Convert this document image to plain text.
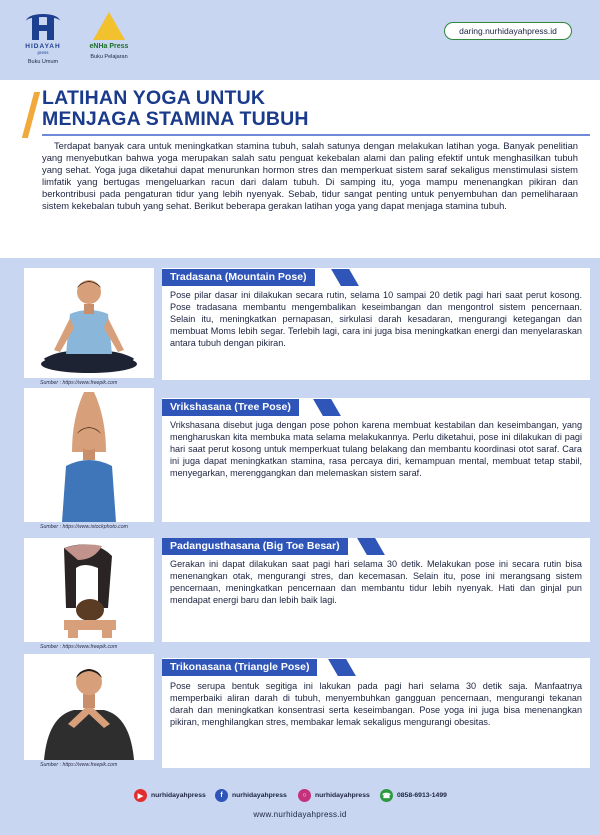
HIDAYAH
press
Buku Umum
eNHa Press
Buku Pelajaran
daring.nurhidayahpress.id
LATIHAN YOGA UNTUK
MENJAGA STAMINA TUBUH
Terdapat banyak cara untuk meningkatkan stamina tubuh, salah satunya dengan melakukan latihan yoga. Banyak penelitian yang menyebutkan bahwa yoga merupakan salah satu penguat kekebalan alami dan paling efektif untuk menghasilkan tubuh yang sehat. Yoga juga diketahui dapat menurunkan hormon stres dan memperkuat sistem saraf sekaligus menstimulasi sistem limfatik yang bertugas mengeluarkan racun dari dalam tubuh. Di samping itu, yoga mampu menenangkan pikiran dan berkontribusi pada pengaturan tidur yang lebih nyenyak. Sebab, tidur sangat penting untuk penyembuhan dan pemeliharaan sistem kekebalan tubuh yang sehat. Berikut beberapa gerakan latihan yoga yang dapat menjaga stamina tubuh.
Sumber : https://www.freepik.com
Tradasana (Mountain Pose)
Pose pilar dasar ini dilakukan secara rutin, selama 10 sampai 20 detik pagi hari saat perut kosong. Pose tradasana membantu mengembalikan keseimbangan dan mengontrol sistem pencernaan. Selain itu, meningkatkan pernapasan, sirkulasi darah kesadaran, mengurangi ketegangan dan membuat Moms lebih segar. Terlebih lagi, cara ini juga bisa meningkatkan energi dan menyelaraskan antara tubuh dengan pikiran.
Sumber : https://www.istockphoto.com
Vrikshasana (Tree Pose)
Vrikshasana disebut juga dengan pose pohon karena membuat kestabilan dan keseimbangan, yang mengharuskan kita membuka mata selama melakukannya. Perlu diketahui, pose ini dilakukan di pagi hari saat perut kosong untuk memperkuat tulang belakang dan membantu koordinasi otot saraf. Cara ini juga dapat meningkatkan stamina, rasa percaya diri, kemampuan mental, membuat tetap stabil, menyegarkan, merenggangkan dan melemaskan sistem saraf.
Sumber : https://www.freepik.com
Padangusthasana (Big Toe Besar)
Gerakan ini dapat dilakukan saat pagi hari selama 30 detik. Melakukan pose ini secara rutin bisa menenangkan otak, mengurangi stres, dan kecemasan. Selain itu, pose ini merangsang sistem pencernaan, meningkatkan pencernaan dan membantu tidur lebih nyenyak. Hati dan ginjal pun mendapat energi baru dan lebih baik lagi.
Sumber : https://www.freepik.com
Trikonasana (Triangle Pose)
Pose serupa bentuk segitiga ini lakukan pada pagi hari selama 30 detik saja. Manfaatnya memperbaiki aliran darah di tubuh, menyembuhkan gangguan pencernaan, mengurangi tekanan darah dan meningkatkan konsentrasi serta keseimbangan. Pose yoga ini juga bisa menenangkan pikiran, menghilangkan stres, membakar lemak sekaligus mengurangi obesitas.
▶	nurhidayahpress	f	nurhidayahpress	○	nurhidayahpress	☎ 0858-6913-1499
www.nurhidayahpress.id
